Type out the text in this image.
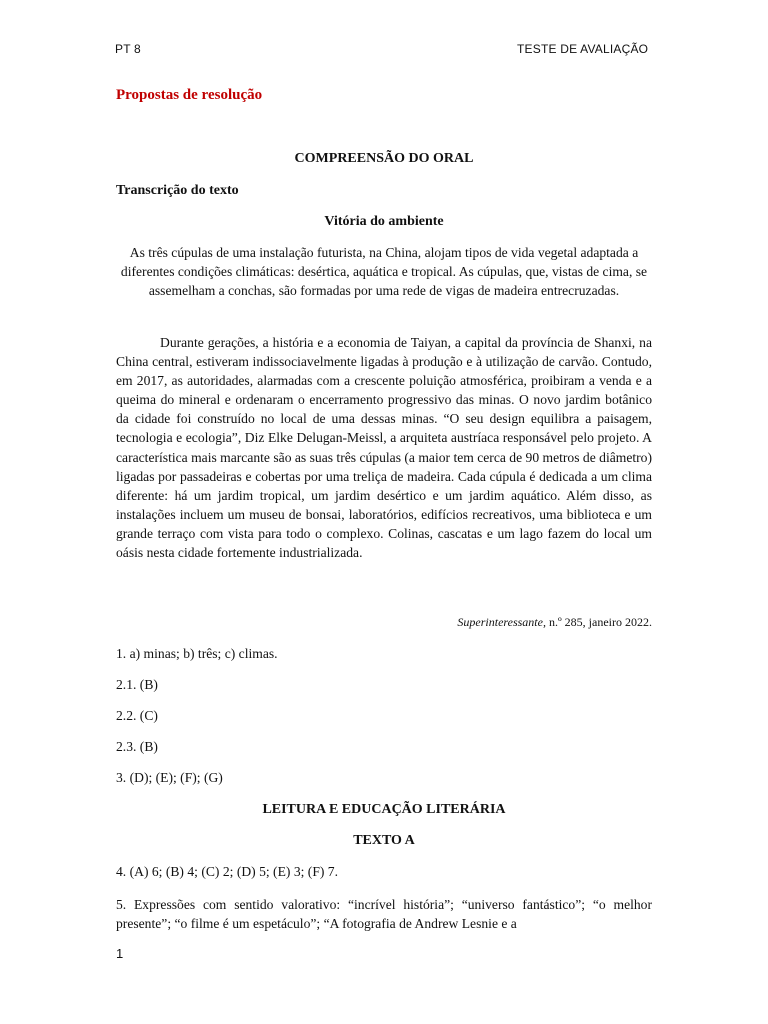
PT 8	TESTE DE AVALIAÇÃO
Propostas de resolução
COMPREENSÃO DO ORAL
Transcrição do texto
Vitória do ambiente
As três cúpulas de uma instalação futurista, na China, alojam tipos de vida vegetal adaptada a diferentes condições climáticas: desértica, aquática e tropical. As cúpulas, que, vistas de cima, se assemelham a conchas, são formadas por uma rede de vigas de madeira entrecruzadas.
Durante gerações, a história e a economia de Taiyan, a capital da província de Shanxi, na China central, estiveram indissociavelmente ligadas à produção e à utilização de carvão. Contudo, em 2017, as autoridades, alarmadas com a crescente poluição atmosférica, proibiram a venda e a queima do mineral e ordenaram o encerramento progressivo das minas. O novo jardim botânico da cidade foi construído no local de uma dessas minas. “O seu design equilibra a paisagem, tecnologia e ecologia”, Diz Elke Delugan-Meissl, a arquiteta austríaca responsável pelo projeto. A característica mais marcante são as suas três cúpulas (a maior tem cerca de 90 metros de diâmetro) ligadas por passadeiras e cobertas por uma treliça de madeira. Cada cúpula é dedicada a um clima diferente: há um jardim tropical, um jardim desértico e um jardim aquático. Além disso, as instalações incluem um museu de bonsai, laboratórios, edifícios recreativos, uma biblioteca e um grande terraço com vista para todo o complexo. Colinas, cascatas e um lago fazem do local um oásis nesta cidade fortemente industrializada.
Superinteressante, n.º 285, janeiro 2022.
1. a) minas; b) três; c) climas.
2.1. (B)
2.2. (C)
2.3. (B)
3. (D); (E); (F); (G)
LEITURA E EDUCAÇÃO LITERÁRIA
TEXTO A
4. (A) 6; (B) 4; (C) 2; (D) 5; (E) 3; (F) 7.
5. Expressões com sentido valorativo: “incrível história”; “universo fantástico”; “o melhor presente”; “o filme é um espetáculo”; “A fotografia de Andrew Lesnie e a
1
